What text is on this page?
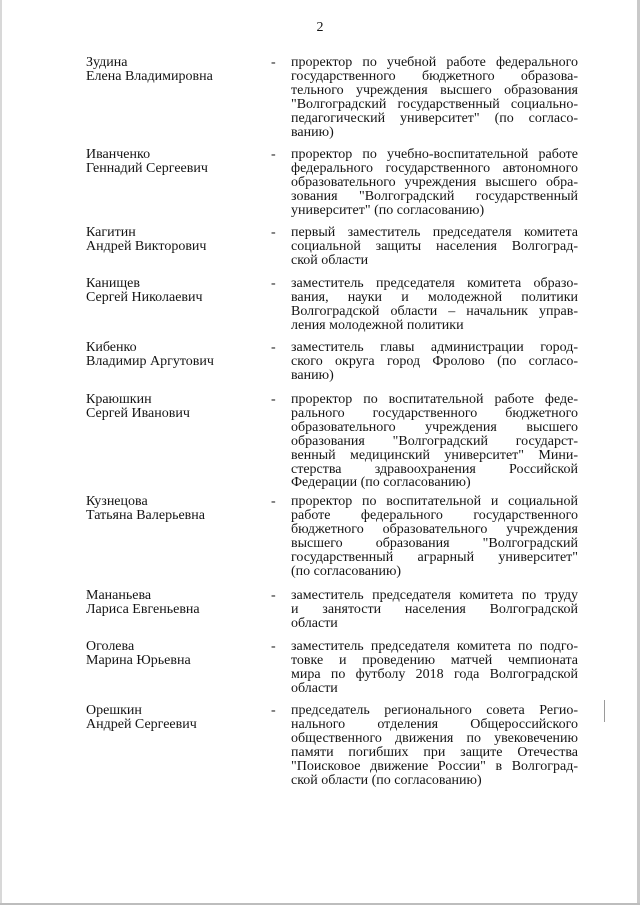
2
Зудина
Елена Владимировна
- проректор по учебной работе федерального
государственного бюджетного образова-
тельного учреждения высшего образования
"Волгоградский государственный социально-
педагогический университет" (по согласо-
ванию)
Иванченко
Геннадий Сергеевич
- проректор по учебно-воспитательной работе
федерального государственного автономного
образовательного учреждения высшего обра-
зования "Волгоградский государственный
университет" (по согласованию)
Кагитин
Андрей Викторович
- первый заместитель председателя комитета
социальной защиты населения Волгоград-
ской области
Канищев
Сергей Николаевич
- заместитель председателя комитета образо-
вания, науки и молодежной политики
Волгоградской области – начальник управ-
ления молодежной политики
Кибенко
Владимир Аргутович
- заместитель главы администрации город-
ского округа город Фролово (по согласо-
ванию)
Краюшкин
Сергей Иванович
- проректор по воспитательной работе феде-
рального государственного бюджетного
образовательного учреждения высшего
образования "Волгоградский государст-
венный медицинский университет" Мини-
стерства здравоохранения Российской
Федерации (по согласованию)
Кузнецова
Татьяна Валерьевна
- проректор по воспитательной и социальной
работе федерального государственного
бюджетного образовательного учреждения
высшего образования "Волгоградский
государственный аграрный университет"
(по согласованию)
Мананьева
Лариса Евгеньевна
- заместитель председателя комитета по труду
и занятости населения Волгоградской
области
Оголева
Марина Юрьевна
- заместитель председателя комитета по подго-
товке и проведению матчей чемпионата
мира по футболу 2018 года Волгоградской
области
Орешкин
Андрей Сергеевич
- председатель регионального совета Регио-
нального отделения Общероссийского
общественного движения по увековечению
памяти погибших при защите Отечества
"Поисковое движение России" в Волгоград-
ской области (по согласованию)
